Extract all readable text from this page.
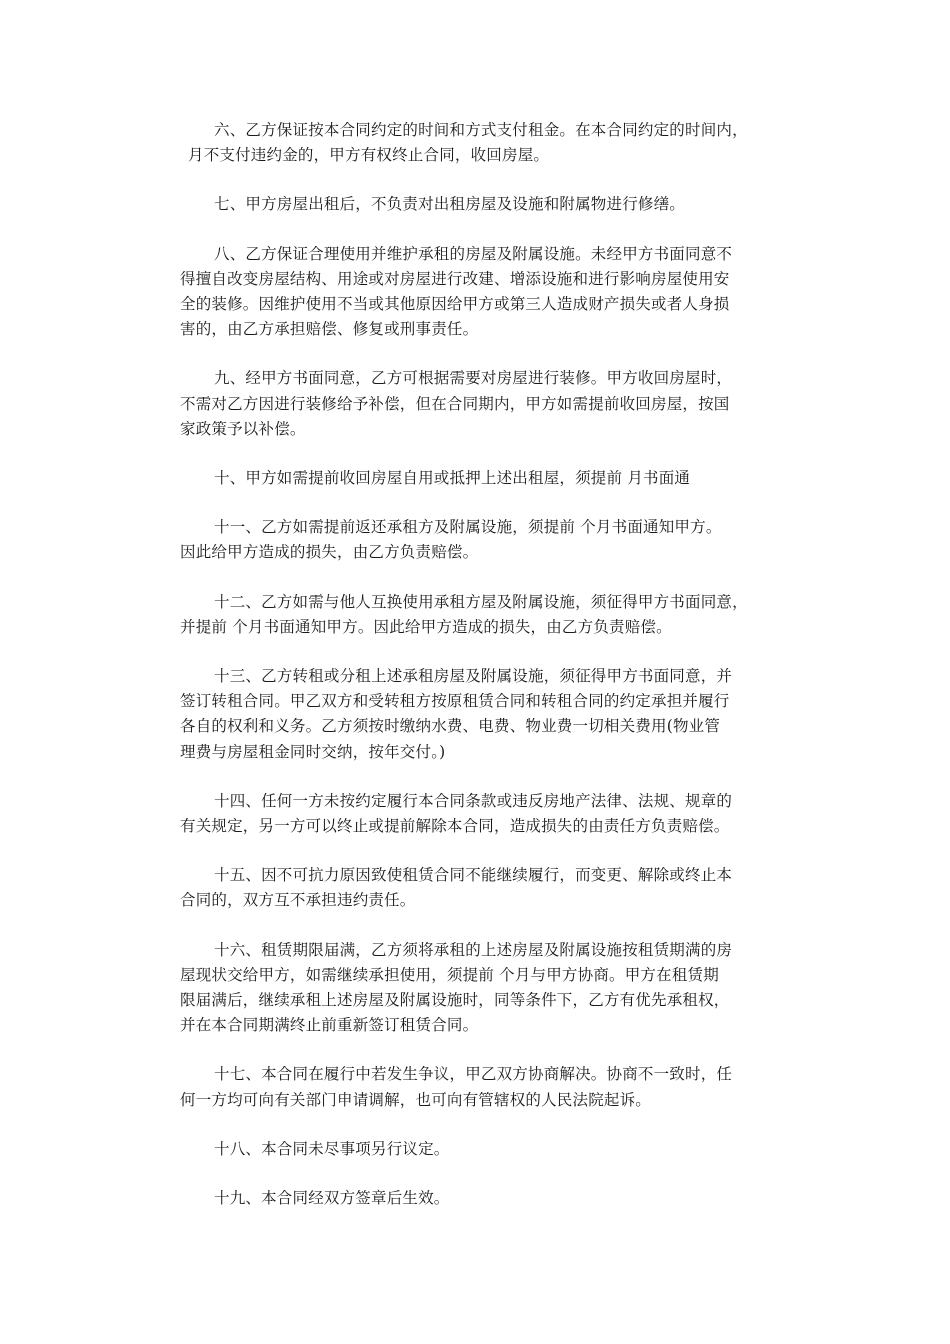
六、乙方保证按本合同约定的时间和方式支付租金。在本合同约定的时间内，
月不支付违约金的，甲方有权终止合同，收回房屋。

七、甲方房屋出租后，不负责对出租房屋及设施和附属物进行修缮。

八、乙方保证合理使用并维护承租的房屋及附属设施。未经甲方书面同意不
得擅自改变房屋结构、用途或对房屋进行改建、增添设施和进行影响房屋使用安
全的装修。因维护使用不当或其他原因给甲方或第三人造成财产损失或者人身损
害的，由乙方承担赔偿、修复或刑事责任。

九、经甲方书面同意，乙方可根据需要对房屋进行装修。甲方收回房屋时，
不需对乙方因进行装修给予补偿，但在合同期内，甲方如需提前收回房屋，按国
家政策予以补偿。

十、甲方如需提前收回房屋自用或抵押上述出租屋，须提前 月书面通

十一、乙方如需提前返还承租方及附属设施，须提前 个月书面通知甲方。
因此给甲方造成的损失，由乙方负责赔偿。

十二、乙方如需与他人互换使用承租方屋及附属设施，须征得甲方书面同意，
并提前 个月书面通知甲方。因此给甲方造成的损失，由乙方负责赔偿。

十三、乙方转租或分租上述承租房屋及附属设施，须征得甲方书面同意，并
签订转租合同。甲乙双方和受转租方按原租赁合同和转租合同的约定承担并履行
各自的权利和义务。乙方须按时缴纳水费、电费、物业费一切相关费用(物业管
理费与房屋租金同时交纳，按年交付。)

十四、任何一方未按约定履行本合同条款或违反房地产法律、法规、规章的
有关规定，另一方可以终止或提前解除本合同，造成损失的由责任方负责赔偿。

十五、因不可抗力原因致使租赁合同不能继续履行，而变更、解除或终止本
合同的，双方互不承担违约责任。

十六、租赁期限届满，乙方须将承租的上述房屋及附属设施按租赁期满的房
屋现状交给甲方，如需继续承担使用，须提前 个月与甲方协商。甲方在租赁期
限届满后，继续承租上述房屋及附属设施时，同等条件下，乙方有优先承租权，
并在本合同期满终止前重新签订租赁合同。

十七、本合同在履行中若发生争议，甲乙双方协商解决。协商不一致时，任
何一方均可向有关部门申请调解，也可向有管辖权的人民法院起诉。

十八、本合同未尽事项另行议定。

十九、本合同经双方签章后生效。
